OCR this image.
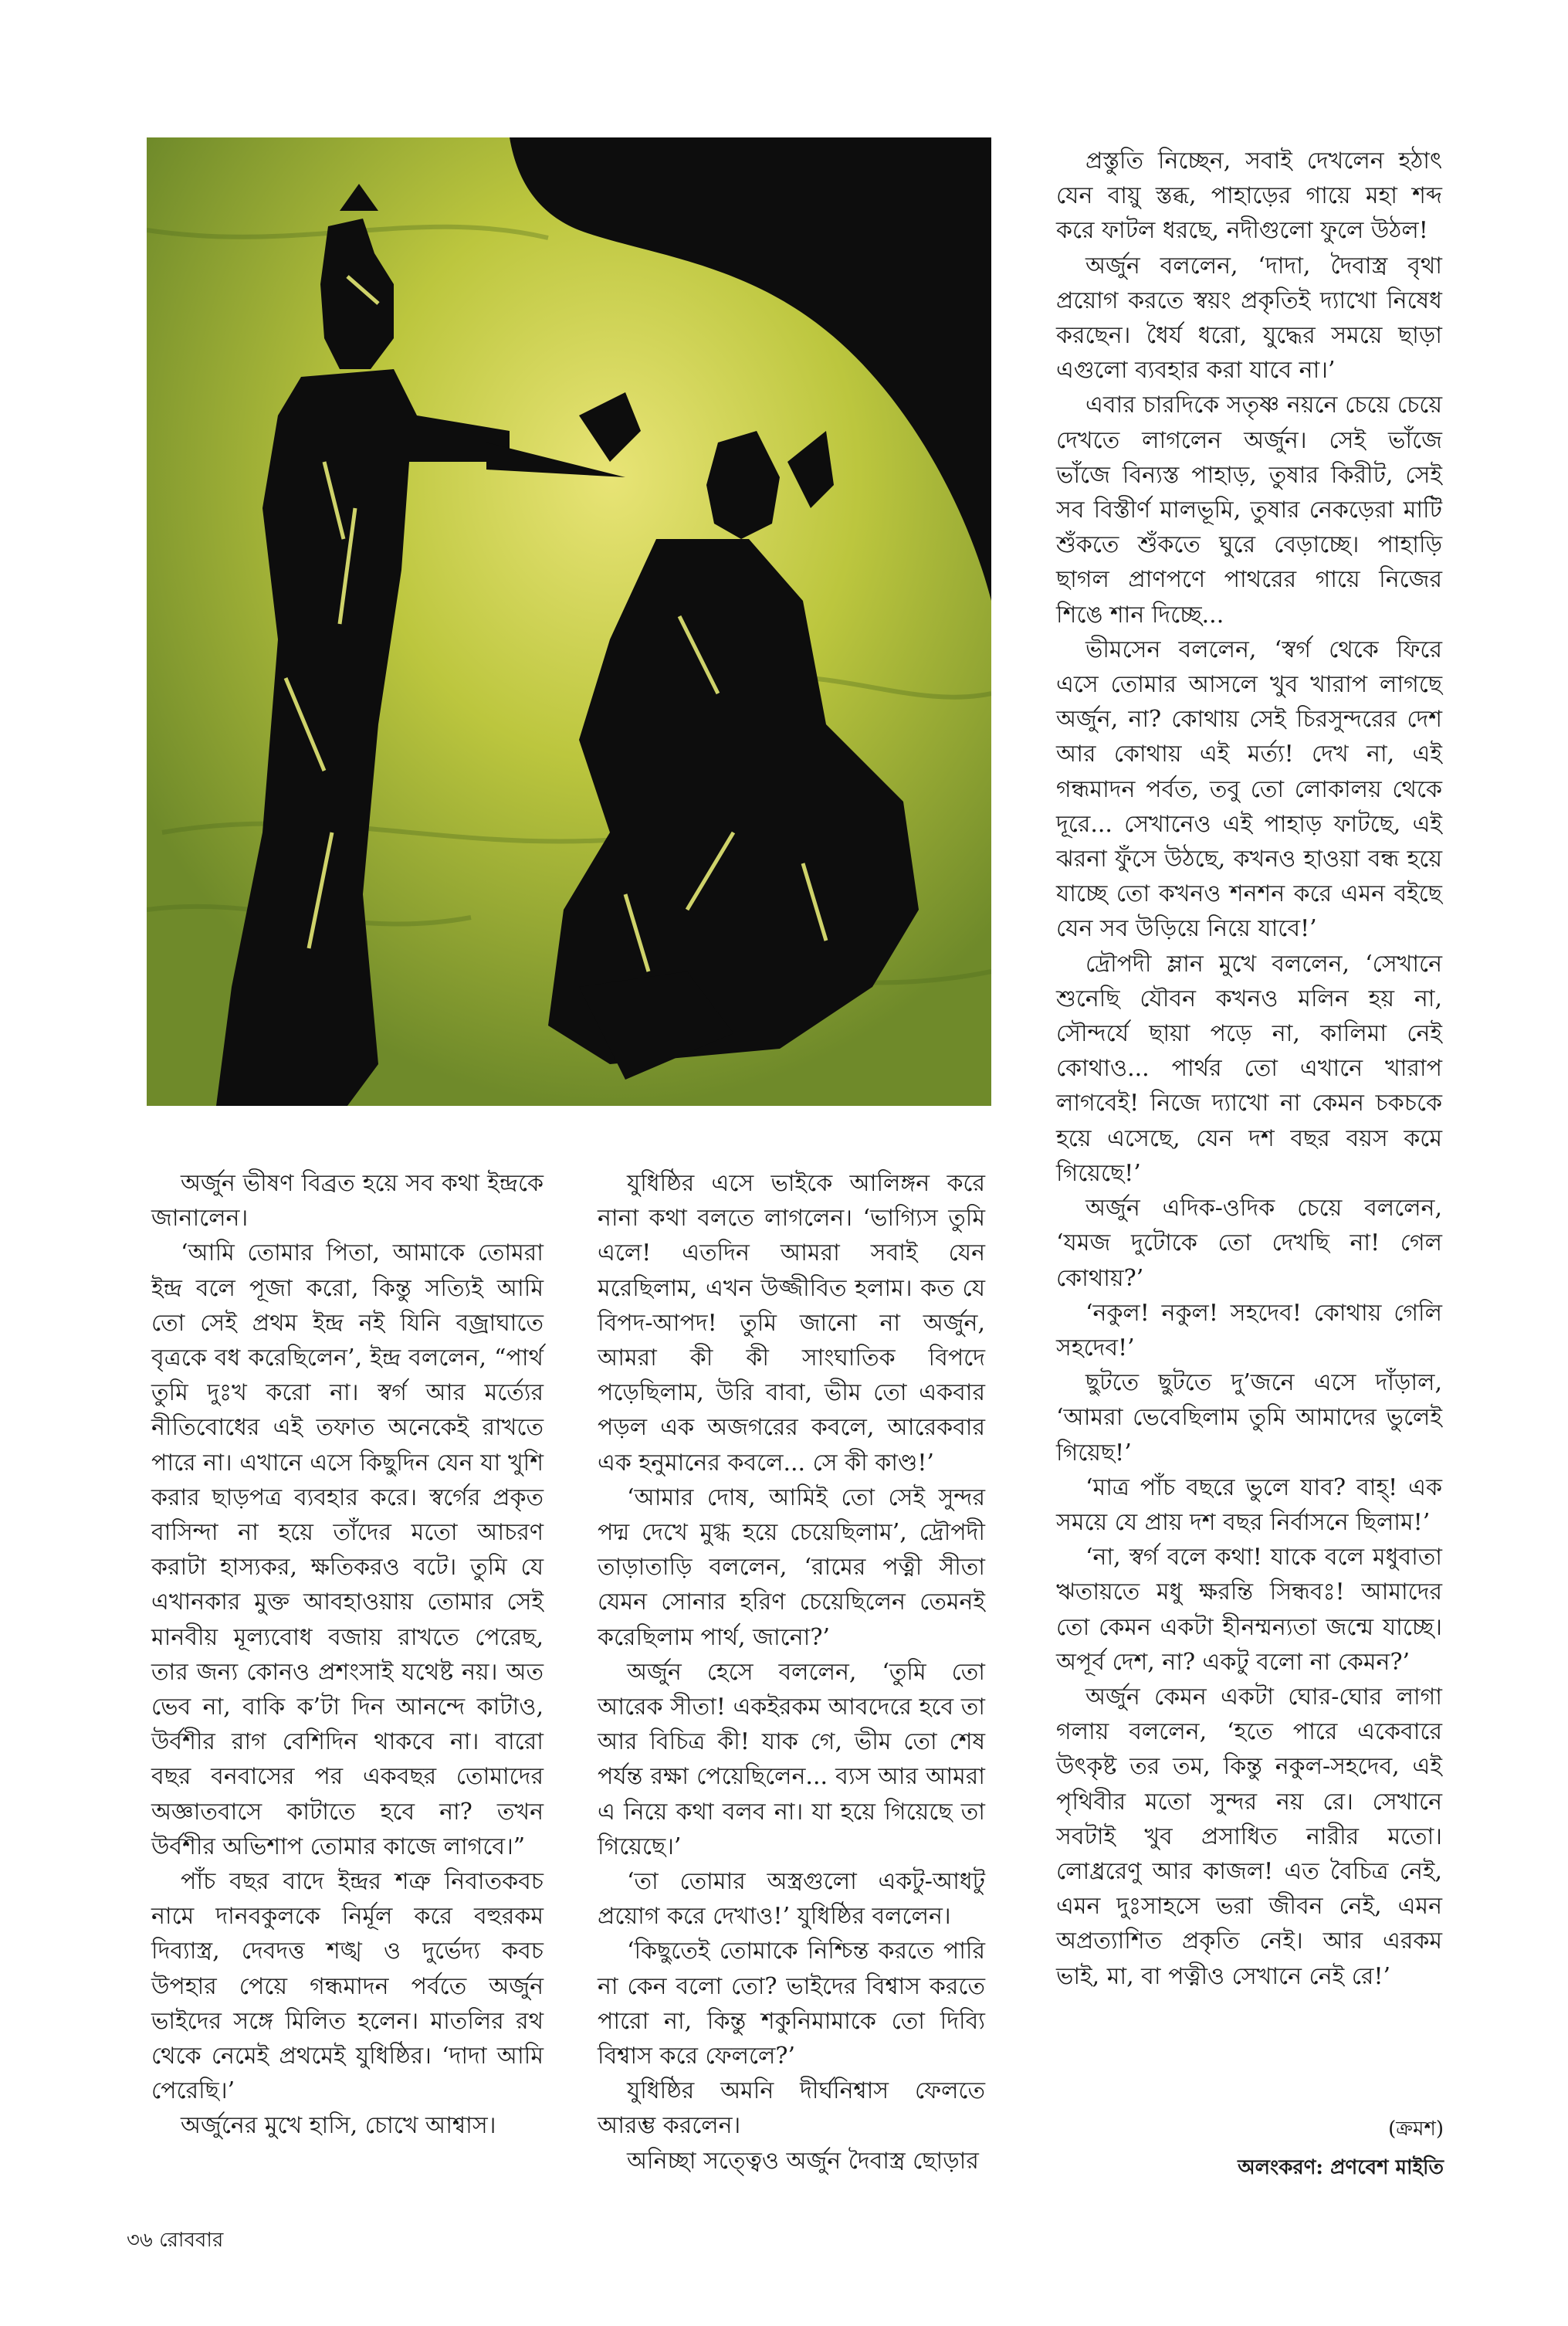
প্রস্তুতি নিচ্ছেন, সবাই দেখলেন হঠাৎ যেন বায়ু স্তব্ধ, পাহাড়ের গায়ে মহা শব্দ করে ফাটল ধরছে, নদীগুলো ফুলে উঠল!

অর্জুন বললেন, ‘দাদা, দৈবাস্ত্র বৃথা প্রয়োগ করতে স্বয়ং প্রকৃতিই দ্যাখো নিষেধ করছেন। ধৈর্য ধরো, যুদ্ধের সময়ে ছাড়া এগুলো ব্যবহার করা যাবে না।’

এবার চারদিকে সতৃষ্ণ নয়নে চেয়ে চেয়ে দেখতে লাগলেন অর্জুন। সেই ভাঁজে ভাঁজে বিন্যস্ত পাহাড়, তুষার কিরীট, সেই সব বিস্তীর্ণ মালভূমি, তুষার নেকড়েরা মাটি শুঁকতে শুঁকতে ঘুরে বেড়াচ্ছে। পাহাড়ি ছাগল প্রাণপণে পাথরের গায়ে নিজের শিঙে শান দিচ্ছে...

ভীমসেন বললেন, ‘স্বর্গ থেকে ফিরে এসে তোমার আসলে খুব খারাপ লাগছে অর্জুন, না? কোথায় সেই চিরসুন্দরের দেশ আর কোথায় এই মর্ত্য! দেখ না, এই গন্ধমাদন পর্বত, তবু তো লোকালয় থেকে দূরে... সেখানেও এই পাহাড় ফাটছে, এই ঝরনা ফুঁসে উঠছে, কখনও হাওয়া বন্ধ হয়ে যাচ্ছে তো কখনও শনশন করে এমন বইছে যেন সব উড়িয়ে নিয়ে যাবে!’

দ্রৌপদী ম্লান মুখে বললেন, ‘সেখানে শুনেছি যৌবন কখনও মলিন হয় না, সৌন্দর্যে ছায়া পড়ে না, কালিমা নেই কোথাও... পার্থর তো এখানে খারাপ লাগবেই! নিজে দ্যাখো না কেমন চকচকে হয়ে এসেছে, যেন দশ বছর বয়স কমে গিয়েছে!’

অর্জুন এদিক-ওদিক চেয়ে বললেন, ‘যমজ দুটোকে তো দেখছি না! গেল কোথায়?’

‘নকুল! নকুল! সহদেব! কোথায় গেলি সহদেব!’

ছুটতে ছুটতে দু’জনে এসে দাঁড়াল, ‘আমরা ভেবেছিলাম তুমি আমাদের ভুলেই গিয়েছ!’

‘মাত্র পাঁচ বছরে ভুলে যাব? বাহ্! এক সময়ে যে প্রায় দশ বছর নির্বাসনে ছিলাম!’

‘না, স্বর্গ বলে কথা! যাকে বলে মধুবাতা ঋতায়তে মধু ক্ষরন্তি সিন্ধবঃ! আমাদের তো কেমন একটা হীনম্মন্যতা জন্মে যাচ্ছে। অপূর্ব দেশ, না? একটু বলো না কেমন?’

অর্জুন কেমন একটা ঘোর-ঘোর লাগা গলায় বললেন, ‘হতে পারে একেবারে উৎকৃষ্ট তর তম, কিন্তু নকুল-সহদেব, এই পৃথিবীর মতো সুন্দর নয় রে। সেখানে সবটাই খুব প্রসাধিত নারীর মতো। লোধ্ররেণু আর কাজল! এত বৈচিত্র নেই, এমন দুঃসাহসে ভরা জীবন নেই, এমন অপ্রত্যাশিত প্রকৃতি নেই। আর এরকম ভাই, মা, বা পত্নীও সেখানে নেই রে!’

অর্জুন ভীষণ বিব্রত হয়ে সব কথা ইন্দ্রকে জানালেন।

‘আমি তোমার পিতা, আমাকে তোমরা ইন্দ্র বলে পূজা করো, কিন্তু সত্যিই আমি তো সেই প্রথম ইন্দ্র নই যিনি বজ্রাঘাতে বৃত্রকে বধ করেছিলেন’, ইন্দ্র বললেন, “পার্থ তুমি দুঃখ করো না। স্বর্গ আর মর্ত্যের নীতিবোধের এই তফাত অনেকেই রাখতে পারে না। এখানে এসে কিছুদিন যেন যা খুশি করার ছাড়পত্র ব্যবহার করে। স্বর্গের প্রকৃত বাসিন্দা না হয়ে তাঁদের মতো আচরণ করাটা হাস্যকর, ক্ষতিকরও বটে। তুমি যে এখানকার মুক্ত আবহাওয়ায় তোমার সেই মানবীয় মূল্যবোধ বজায় রাখতে পেরেছ, তার জন্য কোনও প্রশংসাই যথেষ্ট নয়। অত ভেব না, বাকি ক’টা দিন আনন্দে কাটাও, উর্বশীর রাগ বেশিদিন থাকবে না। বারো বছর বনবাসের পর একবছর তোমাদের অজ্ঞাতবাসে কাটাতে হবে না? তখন উর্বশীর অভিশাপ তোমার কাজে লাগবে।”

পাঁচ বছর বাদে ইন্দ্রর শত্রু নিবাতকবচ নামে দানবকুলকে নির্মূল করে বহুরকম দিব্যাস্ত্র, দেবদত্ত শঙ্খ ও দুর্ভেদ্য কবচ উপহার পেয়ে গন্ধমাদন পর্বতে অর্জুন ভাইদের সঙ্গে মিলিত হলেন। মাতলির রথ থেকে নেমেই প্রথমেই যুধিষ্ঠির। ‘দাদা আমি পেরেছি।’

অর্জুনের মুখে হাসি, চোখে আশ্বাস।

যুধিষ্ঠির এসে ভাইকে আলিঙ্গন করে নানা কথা বলতে লাগলেন। ‘ভাগ্যিস তুমি এলে! এতদিন আমরা সবাই যেন মরেছিলাম, এখন উজ্জীবিত হলাম। কত যে বিপদ-আপদ! তুমি জানো না অর্জুন, আমরা কী কী সাংঘাতিক বিপদে পড়েছিলাম, উরি বাবা, ভীম তো একবার পড়ল এক অজগরের কবলে, আরেকবার এক হনুমানের কবলে... সে কী কাণ্ড!’

‘আমার দোষ, আমিই তো সেই সুন্দর পদ্ম দেখে মুগ্ধ হয়ে চেয়েছিলাম’, দ্রৌপদী তাড়াতাড়ি বললেন, ‘রামের পত্নী সীতা যেমন সোনার হরিণ চেয়েছিলেন তেমনই করেছিলাম পার্থ, জানো?’

অর্জুন হেসে বললেন, ‘তুমি তো আরেক সীতা! একইরকম আবদেরে হবে তা আর বিচিত্র কী! যাক গে, ভীম তো শেষ পর্যন্ত রক্ষা পেয়েছিলেন... ব্যস আর আমরা এ নিয়ে কথা বলব না। যা হয়ে গিয়েছে তা গিয়েছে।’

‘তা তোমার অস্ত্রগুলো একটু-আধটু প্রয়োগ করে দেখাও!’ যুধিষ্ঠির বললেন।

‘কিছুতেই তোমাকে নিশ্চিন্ত করতে পারি না কেন বলো তো? ভাইদের বিশ্বাস করতে পারো না, কিন্তু শকুনিমামাকে তো দিব্যি বিশ্বাস করে ফেললে?’

যুধিষ্ঠির অমনি দীর্ঘনিশ্বাস ফেলতে আরম্ভ করলেন।

অনিচ্ছা সত্ত্বেও অর্জুন দৈবাস্ত্র ছোড়ার

(ক্রমশ)
অলংকরণ: প্রণবেশ মাইতি
৩৬ রোববার
